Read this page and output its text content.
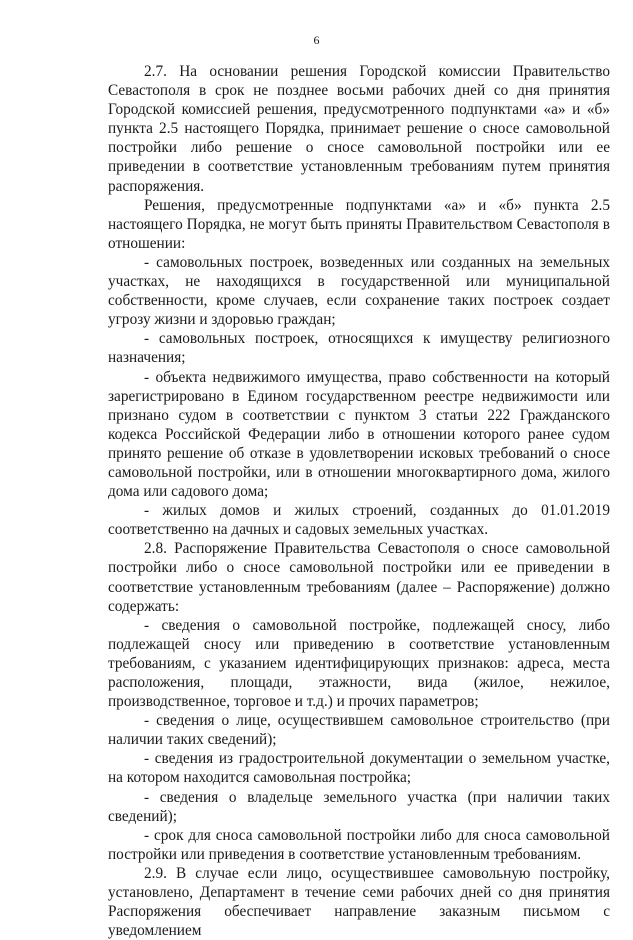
6

2.7. На основании решения Городской комиссии Правительство Севастополя в срок не позднее восьми рабочих дней со дня принятия Городской комиссией решения, предусмотренного подпунктами «а» и «б» пункта 2.5 настоящего Порядка, принимает решение о сносе самовольной постройки либо решение о сносе самовольной постройки или ее приведении в соответствие установленным требованиям путем принятия распоряжения.

Решения, предусмотренные подпунктами «а» и «б» пункта 2.5 настоящего Порядка, не могут быть приняты Правительством Севастополя в отношении:

- самовольных построек, возведенных или созданных на земельных участках, не находящихся в государственной или муниципальной собственности, кроме случаев, если сохранение таких построек создает угрозу жизни и здоровью граждан;

- самовольных построек, относящихся к имуществу религиозного назначения;

- объекта недвижимого имущества, право собственности на который зарегистрировано в Едином государственном реестре недвижимости или признано судом в соответствии с пунктом 3 статьи 222 Гражданского кодекса Российской Федерации либо в отношении которого ранее судом принято решение об отказе в удовлетворении исковых требований о сносе самовольной постройки, или в отношении многоквартирного дома, жилого дома или садового дома;

- жилых домов и жилых строений, созданных до 01.01.2019 соответственно на дачных и садовых земельных участках.

2.8. Распоряжение Правительства Севастополя о сносе самовольной постройки либо о сносе самовольной постройки или ее приведении в соответствие установленным требованиям (далее – Распоряжение) должно содержать:

- сведения о самовольной постройке, подлежащей сносу, либо подлежащей сносу или приведению в соответствие установленным требованиям, с указанием идентифицирующих признаков: адреса, места расположения, площади, этажности, вида (жилое, нежилое, производственное, торговое и т.д.) и прочих параметров;

- сведения о лице, осуществившем самовольное строительство (при наличии таких сведений);

- сведения из градостроительной документации о земельном участке, на котором находится самовольная постройка;

- сведения о владельце земельного участка (при наличии таких сведений);

- срок для сноса самовольной постройки либо для сноса самовольной постройки или приведения в соответствие установленным требованиям.

2.9. В случае если лицо, осуществившее самовольную постройку, установлено, Департамент в течение семи рабочих дней со дня принятия Распоряжения обеспечивает направление заказным письмом с уведомлением
